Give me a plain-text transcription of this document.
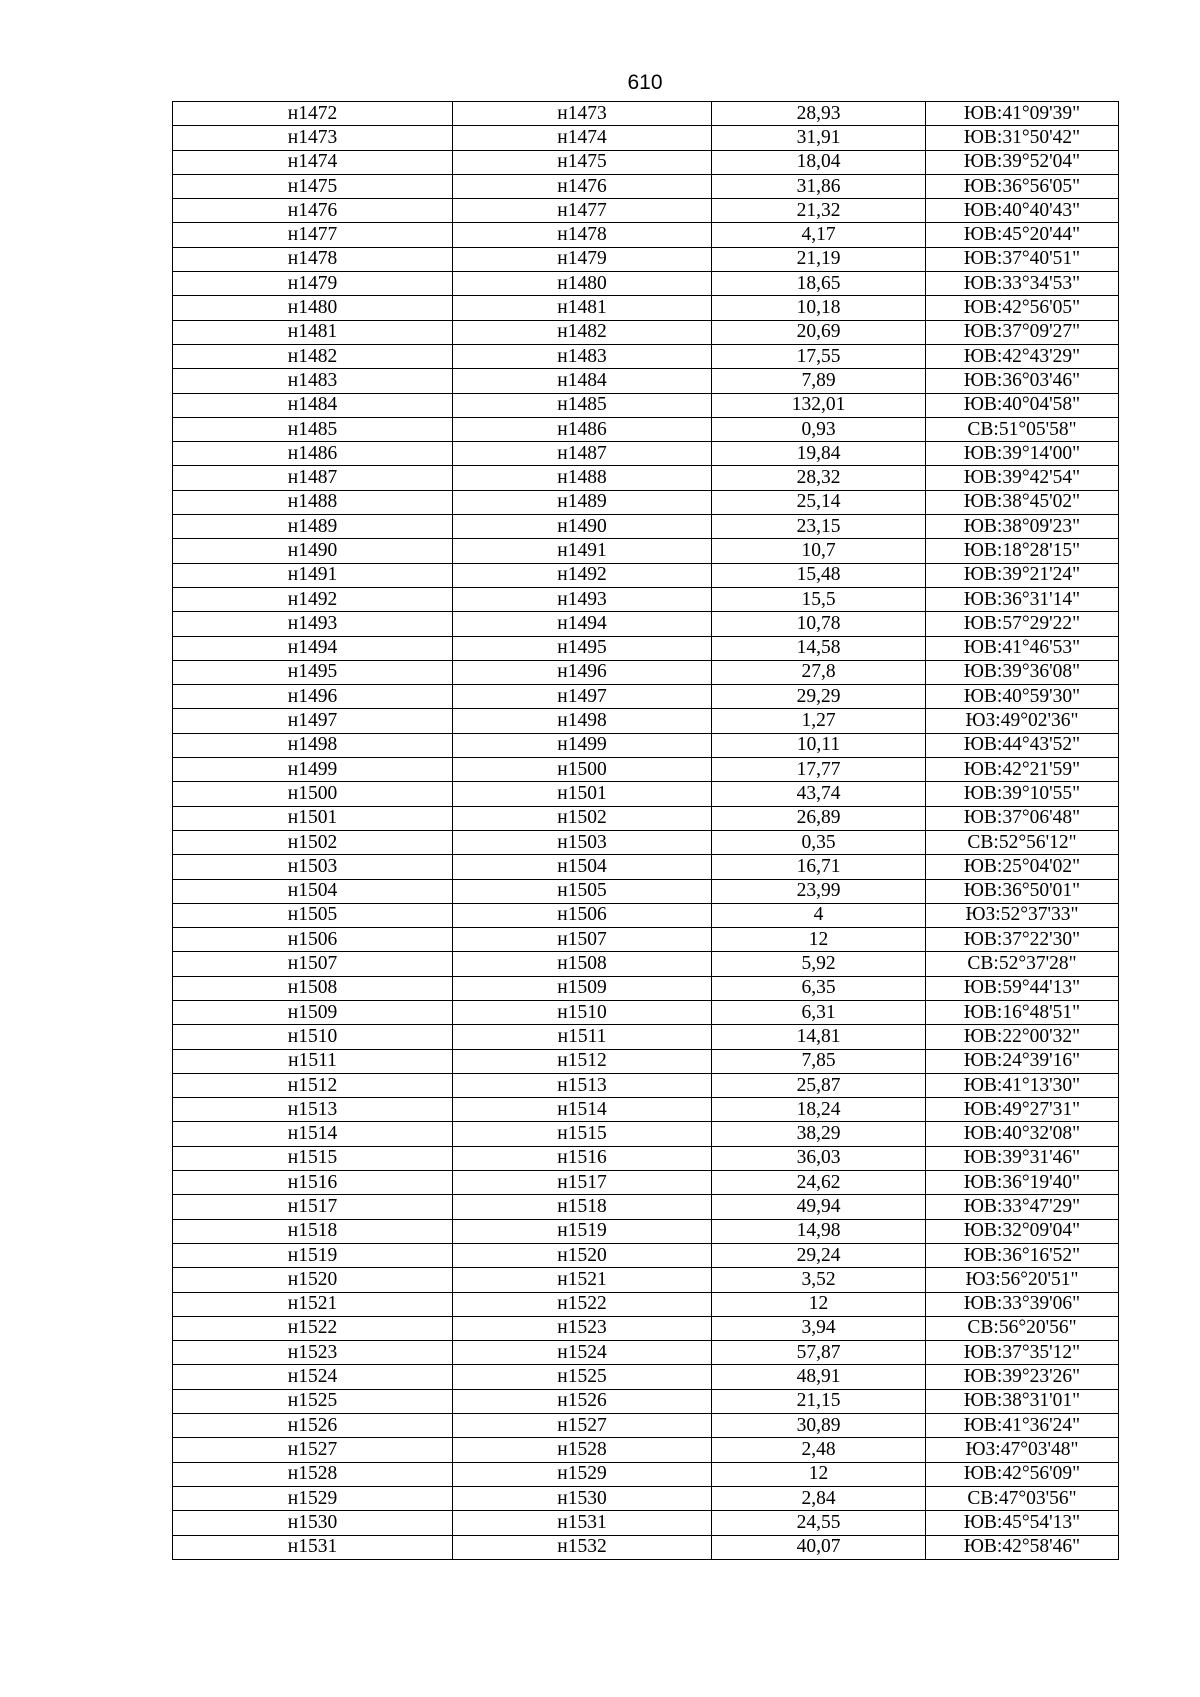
610
н1472	н1473	28,93	ЮВ:41°09'39"
н1473	н1474	31,91	ЮВ:31°50'42"
н1474	н1475	18,04	ЮВ:39°52'04"
н1475	н1476	31,86	ЮВ:36°56'05"
н1476	н1477	21,32	ЮВ:40°40'43"
н1477	н1478	4,17	ЮВ:45°20'44"
н1478	н1479	21,19	ЮВ:37°40'51"
н1479	н1480	18,65	ЮВ:33°34'53"
н1480	н1481	10,18	ЮВ:42°56'05"
н1481	н1482	20,69	ЮВ:37°09'27"
н1482	н1483	17,55	ЮВ:42°43'29"
н1483	н1484	7,89	ЮВ:36°03'46"
н1484	н1485	132,01	ЮВ:40°04'58"
н1485	н1486	0,93	СВ:51°05'58"
н1486	н1487	19,84	ЮВ:39°14'00"
н1487	н1488	28,32	ЮВ:39°42'54"
н1488	н1489	25,14	ЮВ:38°45'02"
н1489	н1490	23,15	ЮВ:38°09'23"
н1490	н1491	10,7	ЮВ:18°28'15"
н1491	н1492	15,48	ЮВ:39°21'24"
н1492	н1493	15,5	ЮВ:36°31'14"
н1493	н1494	10,78	ЮВ:57°29'22"
н1494	н1495	14,58	ЮВ:41°46'53"
н1495	н1496	27,8	ЮВ:39°36'08"
н1496	н1497	29,29	ЮВ:40°59'30"
н1497	н1498	1,27	ЮЗ:49°02'36"
н1498	н1499	10,11	ЮВ:44°43'52"
н1499	н1500	17,77	ЮВ:42°21'59"
н1500	н1501	43,74	ЮВ:39°10'55"
н1501	н1502	26,89	ЮВ:37°06'48"
н1502	н1503	0,35	СВ:52°56'12"
н1503	н1504	16,71	ЮВ:25°04'02"
н1504	н1505	23,99	ЮВ:36°50'01"
н1505	н1506	4	ЮЗ:52°37'33"
н1506	н1507	12	ЮВ:37°22'30"
н1507	н1508	5,92	СВ:52°37'28"
н1508	н1509	6,35	ЮВ:59°44'13"
н1509	н1510	6,31	ЮВ:16°48'51"
н1510	н1511	14,81	ЮВ:22°00'32"
н1511	н1512	7,85	ЮВ:24°39'16"
н1512	н1513	25,87	ЮВ:41°13'30"
н1513	н1514	18,24	ЮВ:49°27'31"
н1514	н1515	38,29	ЮВ:40°32'08"
н1515	н1516	36,03	ЮВ:39°31'46"
н1516	н1517	24,62	ЮВ:36°19'40"
н1517	н1518	49,94	ЮВ:33°47'29"
н1518	н1519	14,98	ЮВ:32°09'04"
н1519	н1520	29,24	ЮВ:36°16'52"
н1520	н1521	3,52	ЮЗ:56°20'51"
н1521	н1522	12	ЮВ:33°39'06"
н1522	н1523	3,94	СВ:56°20'56"
н1523	н1524	57,87	ЮВ:37°35'12"
н1524	н1525	48,91	ЮВ:39°23'26"
н1525	н1526	21,15	ЮВ:38°31'01"
н1526	н1527	30,89	ЮВ:41°36'24"
н1527	н1528	2,48	ЮЗ:47°03'48"
н1528	н1529	12	ЮВ:42°56'09"
н1529	н1530	2,84	СВ:47°03'56"
н1530	н1531	24,55	ЮВ:45°54'13"
н1531	н1532	40,07	ЮВ:42°58'46"
